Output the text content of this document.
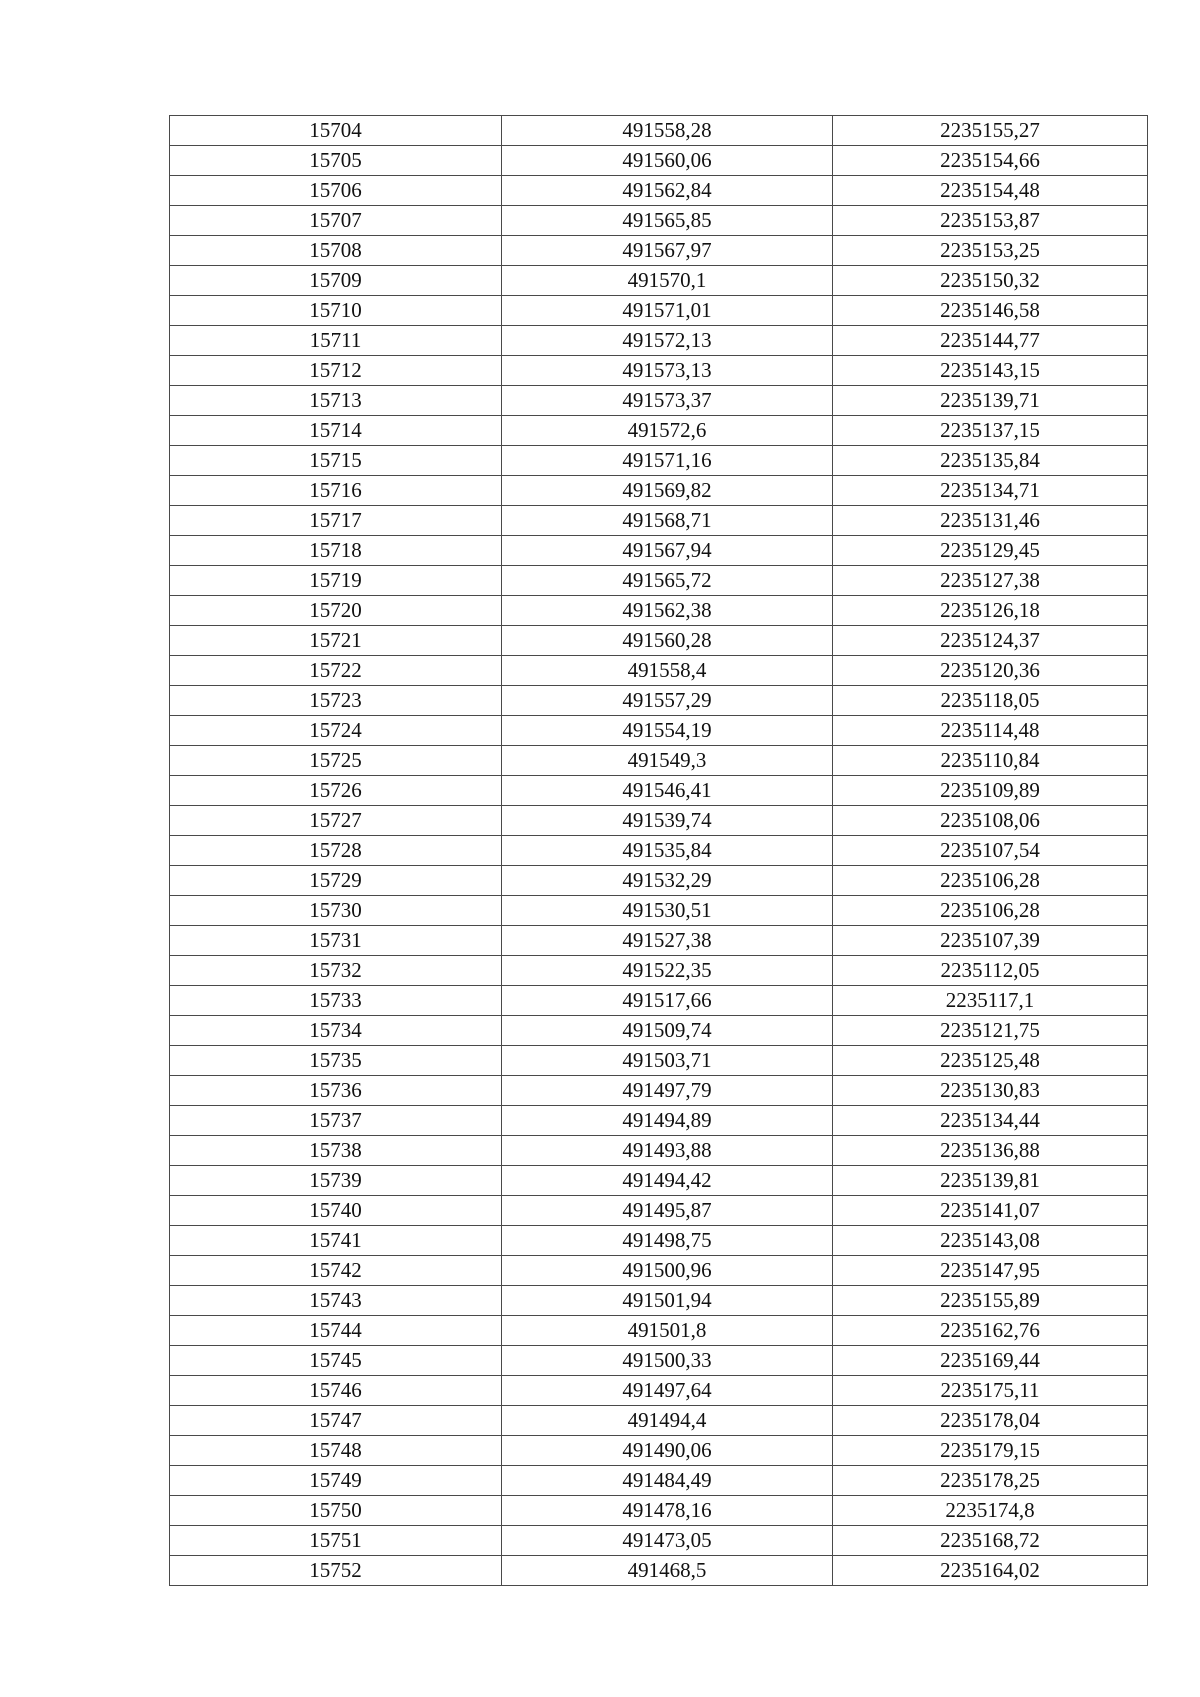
15704	491558,28	2235155,27
15705	491560,06	2235154,66
15706	491562,84	2235154,48
15707	491565,85	2235153,87
15708	491567,97	2235153,25
15709	491570,1	2235150,32
15710	491571,01	2235146,58
15711	491572,13	2235144,77
15712	491573,13	2235143,15
15713	491573,37	2235139,71
15714	491572,6	2235137,15
15715	491571,16	2235135,84
15716	491569,82	2235134,71
15717	491568,71	2235131,46
15718	491567,94	2235129,45
15719	491565,72	2235127,38
15720	491562,38	2235126,18
15721	491560,28	2235124,37
15722	491558,4	2235120,36
15723	491557,29	2235118,05
15724	491554,19	2235114,48
15725	491549,3	2235110,84
15726	491546,41	2235109,89
15727	491539,74	2235108,06
15728	491535,84	2235107,54
15729	491532,29	2235106,28
15730	491530,51	2235106,28
15731	491527,38	2235107,39
15732	491522,35	2235112,05
15733	491517,66	2235117,1
15734	491509,74	2235121,75
15735	491503,71	2235125,48
15736	491497,79	2235130,83
15737	491494,89	2235134,44
15738	491493,88	2235136,88
15739	491494,42	2235139,81
15740	491495,87	2235141,07
15741	491498,75	2235143,08
15742	491500,96	2235147,95
15743	491501,94	2235155,89
15744	491501,8	2235162,76
15745	491500,33	2235169,44
15746	491497,64	2235175,11
15747	491494,4	2235178,04
15748	491490,06	2235179,15
15749	491484,49	2235178,25
15750	491478,16	2235174,8
15751	491473,05	2235168,72
15752	491468,5	2235164,02
